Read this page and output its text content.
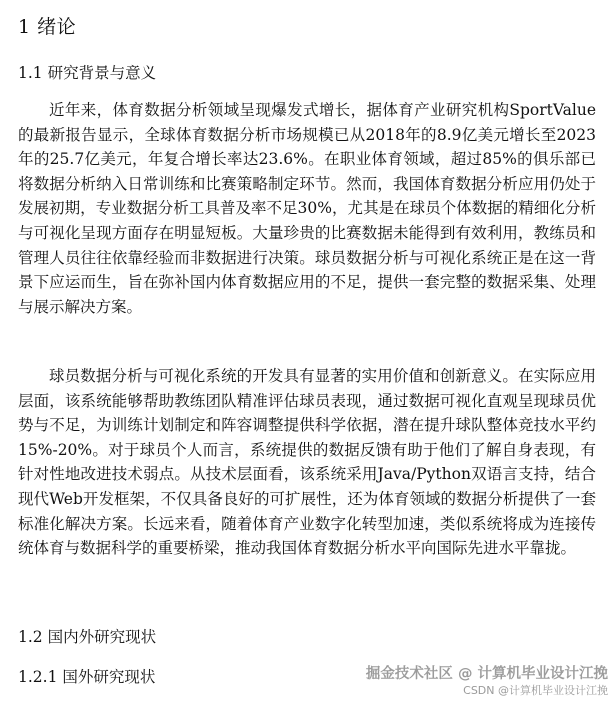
1 绪论
1.1 研究背景与意义

近年来，体育数据分析领域呈现爆发式增长，据体育产业研究机构SportValue的最新报告显示，全球体育数据分析市场规模已从2018年的8.9亿美元增长至2023年的25.7亿美元，年复合增长率达23.6%。在职业体育领域，超过85%的俱乐部已将数据分析纳入日常训练和比赛策略制定环节。然而，我国体育数据分析应用仍处于发展初期，专业数据分析工具普及率不足30%，尤其是在球员个体数据的精细化分析与可视化呈现方面存在明显短板。大量珍贵的比赛数据未能得到有效利用，教练员和管理人员往往依靠经验而非数据进行决策。球员数据分析与可视化系统正是在这一背景下应运而生，旨在弥补国内体育数据应用的不足，提供一套完整的数据采集、处理与展示解决方案。

球员数据分析与可视化系统的开发具有显著的实用价值和创新意义。在实际应用层面，该系统能够帮助教练团队精准评估球员表现，通过数据可视化直观呈现球员优势与不足，为训练计划制定和阵容调整提供科学依据，潜在提升球队整体竞技水平约15%-20%。对于球员个人而言，系统提供的数据反馈有助于他们了解自身表现，有针对性地改进技术弱点。从技术层面看，该系统采用Java/Python双语言支持，结合现代Web开发框架，不仅具备良好的可扩展性，还为体育领域的数据分析提供了一套标准化解决方案。长远来看，随着体育产业数字化转型加速，类似系统将成为连接传统体育与数据科学的重要桥梁，推动我国体育数据分析水平向国际先进水平靠拢。

1.2 国内外研究现状
1.2.1 国外研究现状	掘金技术社区 @ 计算机毕业设计江挽
CSDN @计算机毕业设计江挽
